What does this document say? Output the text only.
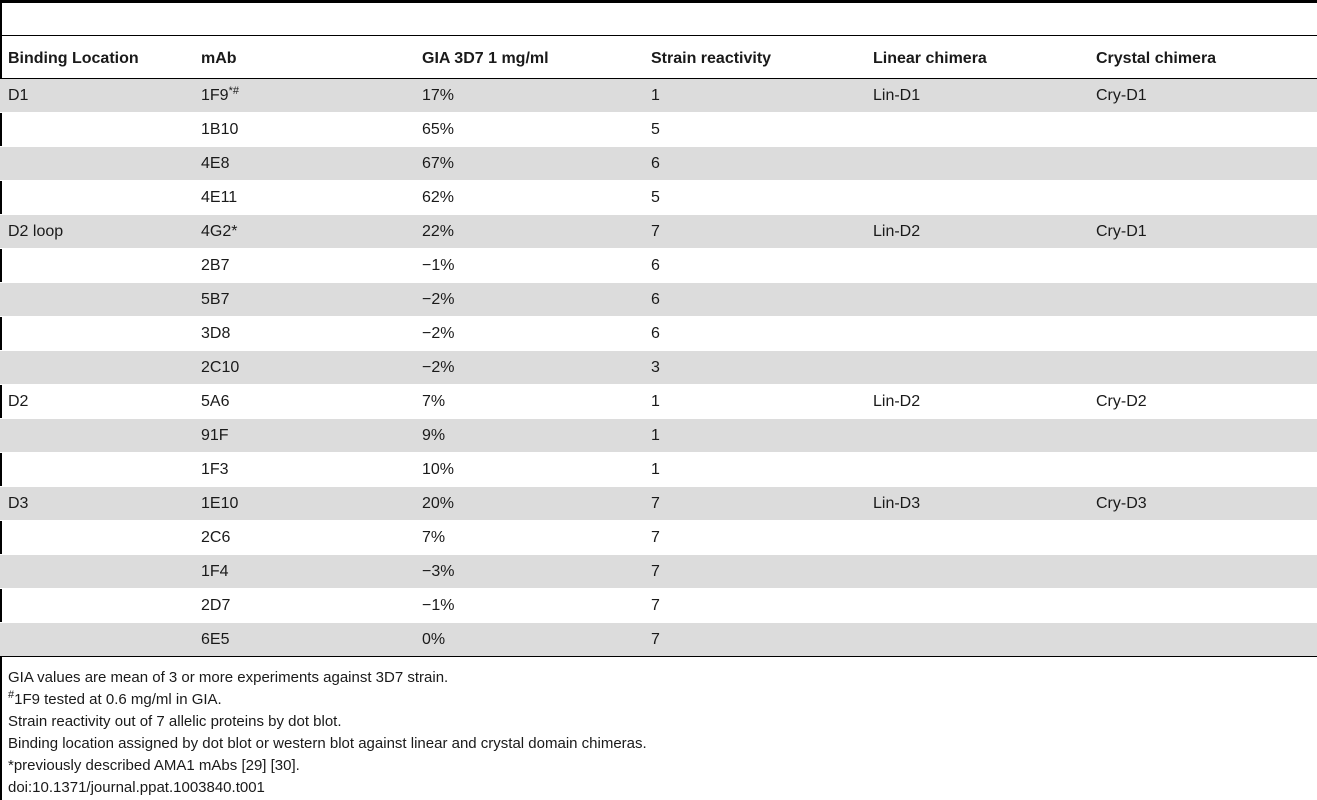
Binding Location	mAb	GIA 3D7 1 mg/ml	Strain reactivity	Linear chimera	Crystal chimera
D1	1F9*#	17%	1	Lin-D1	Cry-D1
	1B10	65%	5		
	4E8	67%	6		
	4E11	62%	5		
D2 loop	4G2*	22%	7	Lin-D2	Cry-D1
	2B7	−1%	6		
	5B7	−2%	6		
	3D8	−2%	6		
	2C10	−2%	3		
D2	5A6	7%	1	Lin-D2	Cry-D2
	91F	9%	1		
	1F3	10%	1		
D3	1E10	20%	7	Lin-D3	Cry-D3
	2C6	7%	7		
	1F4	−3%	7		
	2D7	−1%	7		
	6E5	0%	7		
GIA values are mean of 3 or more experiments against 3D7 strain.
#1F9 tested at 0.6 mg/ml in GIA.
Strain reactivity out of 7 allelic proteins by dot blot.
Binding location assigned by dot blot or western blot against linear and crystal domain chimeras.
*previously described AMA1 mAbs [29] [30].
doi:10.1371/journal.ppat.1003840.t001
